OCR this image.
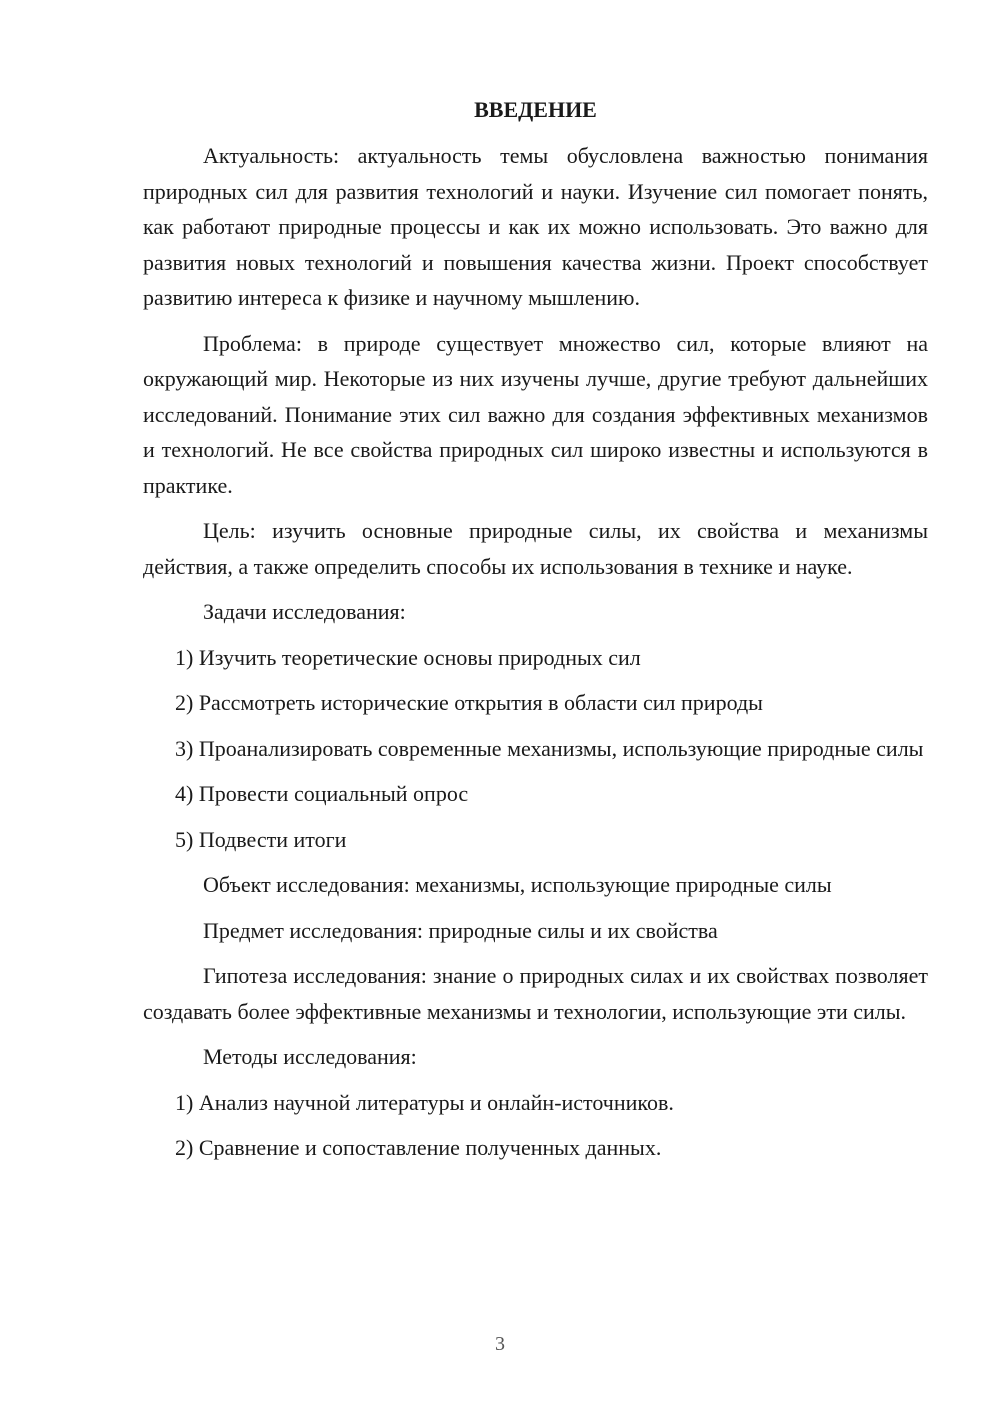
ВВЕДЕНИЕ
Актуальность: актуальность темы обусловлена важностью понимания природных сил для развития технологий и науки. Изучение сил помогает понять, как работают природные процессы и как их можно использовать. Это важно для развития новых технологий и повышения качества жизни. Проект способствует развитию интереса к физике и научному мышлению.
Проблема: в природе существует множество сил, которые влияют на окружающий мир. Некоторые из них изучены лучше, другие требуют дальнейших исследований. Понимание этих сил важно для создания эффективных механизмов и технологий. Не все свойства природных сил широко известны и используются в практике.
Цель: изучить основные природные силы, их свойства и механизмы действия, а также определить способы их использования в технике и науке.
Задачи исследования:
1) Изучить теоретические основы природных сил
2) Рассмотреть исторические открытия в области сил природы
3) Проанализировать современные механизмы, использующие природные силы
4) Провести социальный опрос
5) Подвести итоги
Объект исследования: механизмы, использующие природные силы
Предмет исследования: природные силы и их свойства
Гипотеза исследования: знание о природных силах и их свойствах позволяет создавать более эффективные механизмы и технологии, использующие эти силы.
Методы исследования:
1) Анализ научной литературы и онлайн-источников.
2) Сравнение и сопоставление полученных данных.
3
